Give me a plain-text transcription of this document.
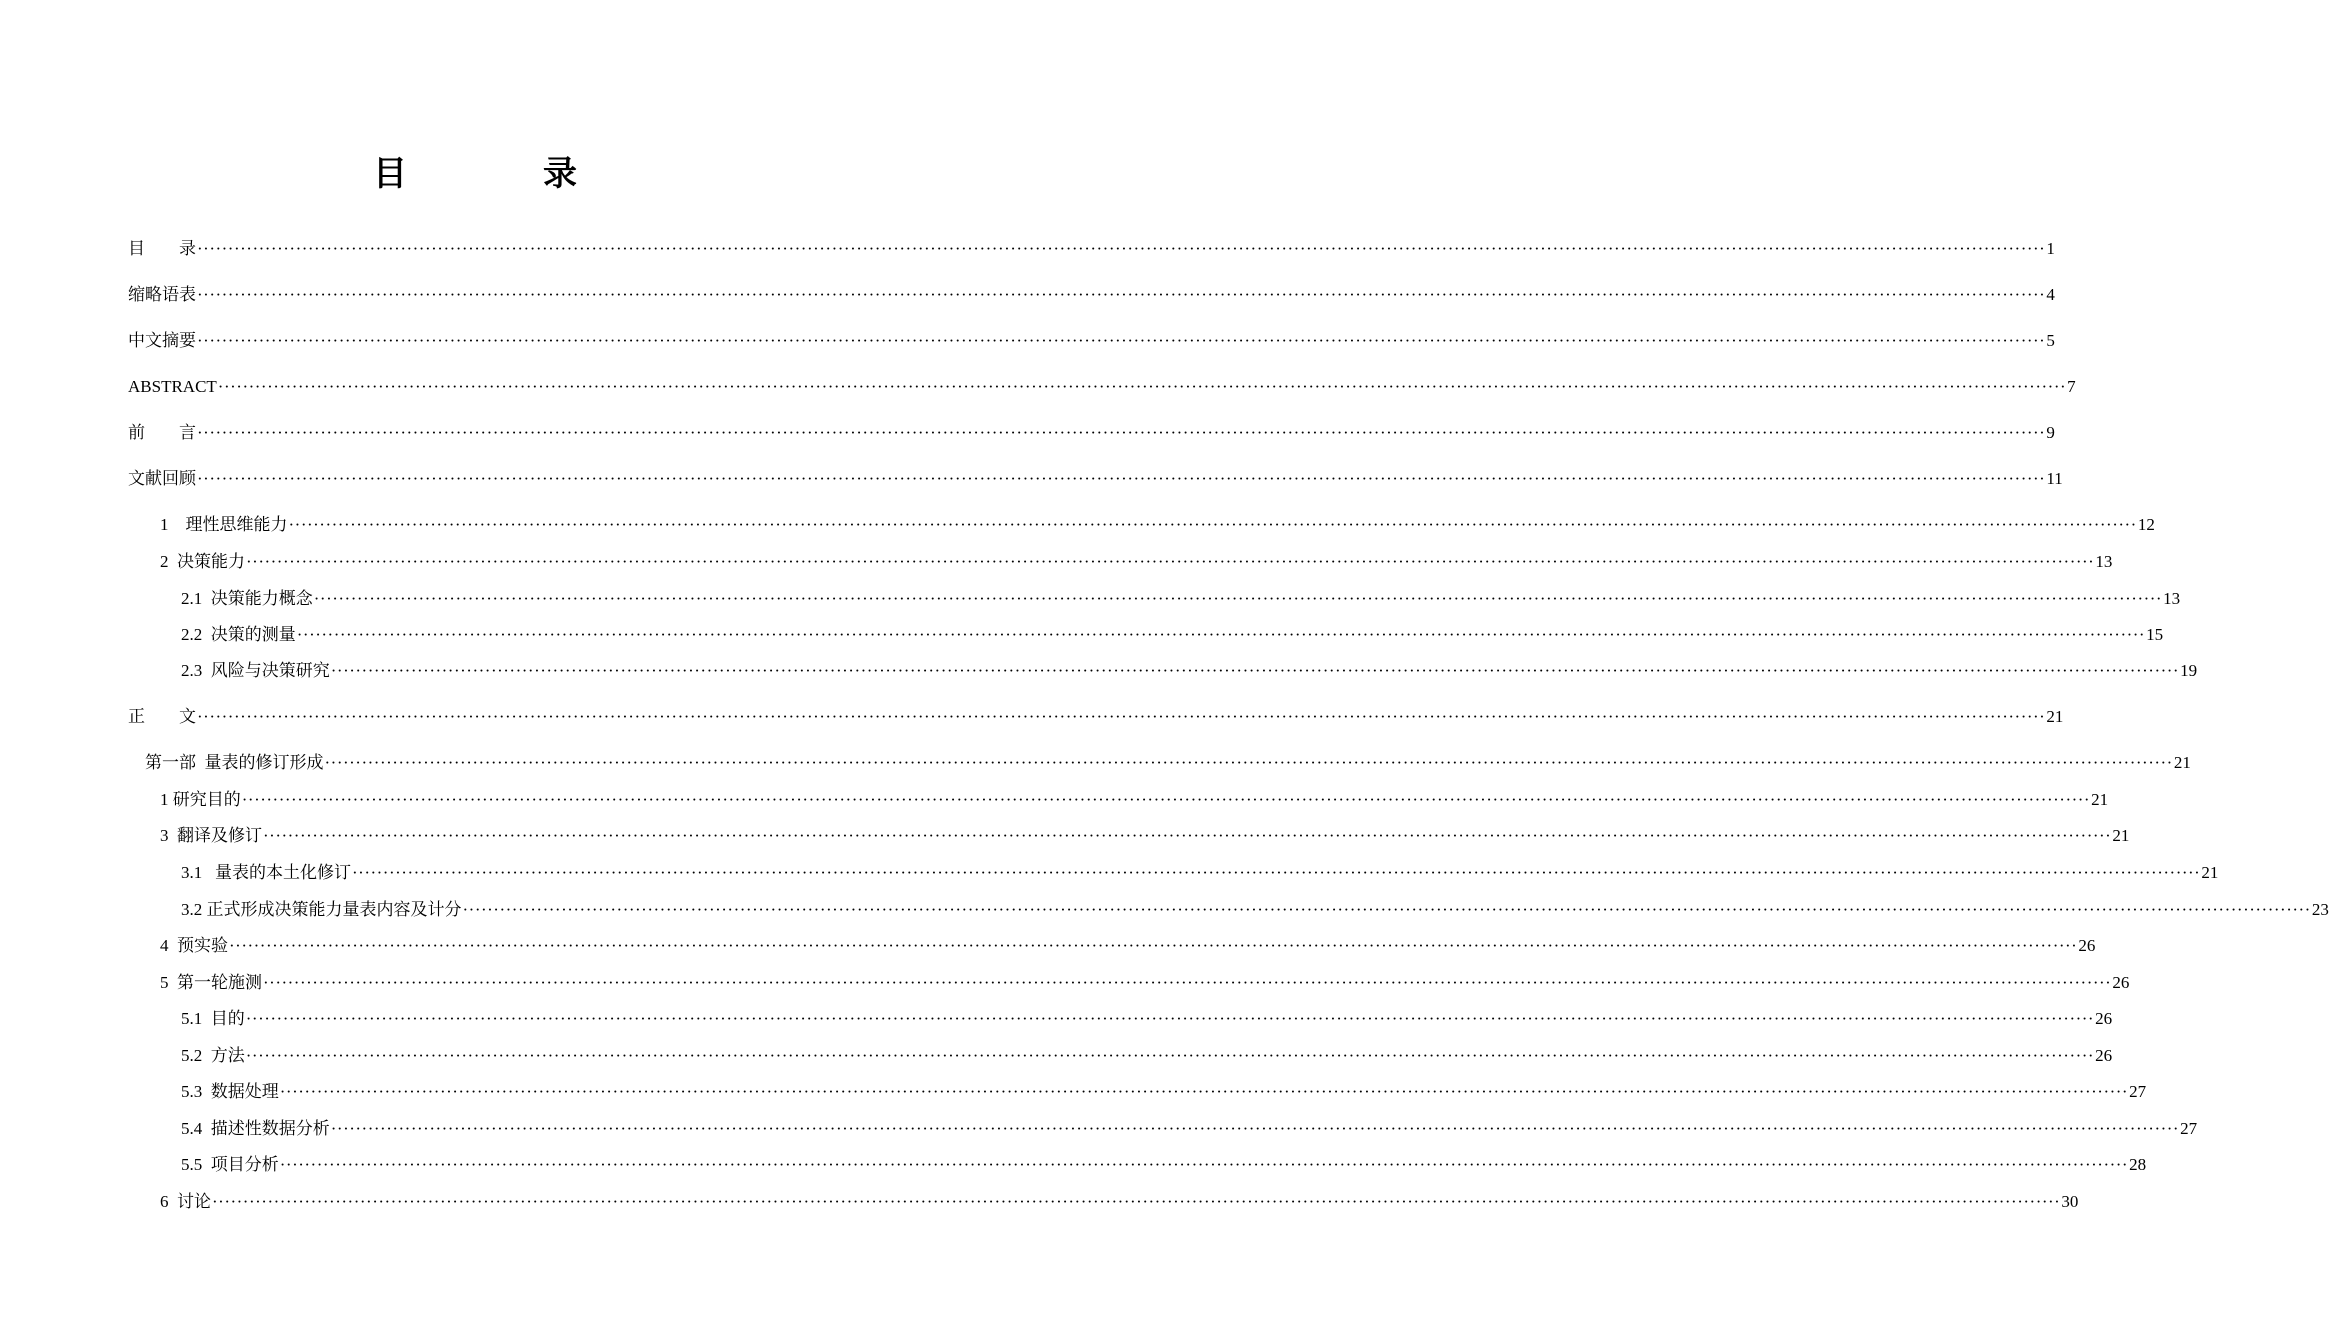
目	录
目　　录 ············································································································································································································································································································ 1
缩略语表 ············································································································································································································································································································ 4
中文摘要 ············································································································································································································································································································ 5
ABSTRACT ············································································································································································································································································································ 7
前　　言 ············································································································································································································································································································ 9
文献回顾 ············································································································································································································································································································ 11
1　理性思维能力 ············································································································································································································································································································ 12
2  决策能力 ············································································································································································································································································································ 13
2.1  决策能力概念 ············································································································································································································································································································ 13
2.2  决策的测量 ············································································································································································································································································································ 15
2.3  风险与决策研究 ············································································································································································································································································································ 19
正　　文 ············································································································································································································································································································ 21
第一部  量表的修订形成 ············································································································································································································································································································ 21
1 研究目的 ············································································································································································································································································································ 21
3  翻译及修订 ············································································································································································································································································································ 21
3.1   量表的本土化修订 ············································································································································································································································································································ 21
3.2 正式形成决策能力量表内容及计分 ············································································································································································································································································································ 23
4  预实验 ············································································································································································································································································································ 26
5  第一轮施测 ············································································································································································································································································································ 26
5.1  目的 ············································································································································································································································································································ 26
5.2  方法 ············································································································································································································································································································ 26
5.3  数据处理 ············································································································································································································································································································ 27
5.4  描述性数据分析 ············································································································································································································································································································ 27
5.5  项目分析 ············································································································································································································································································································ 28
6  讨论 ············································································································································································································································································································ 30
